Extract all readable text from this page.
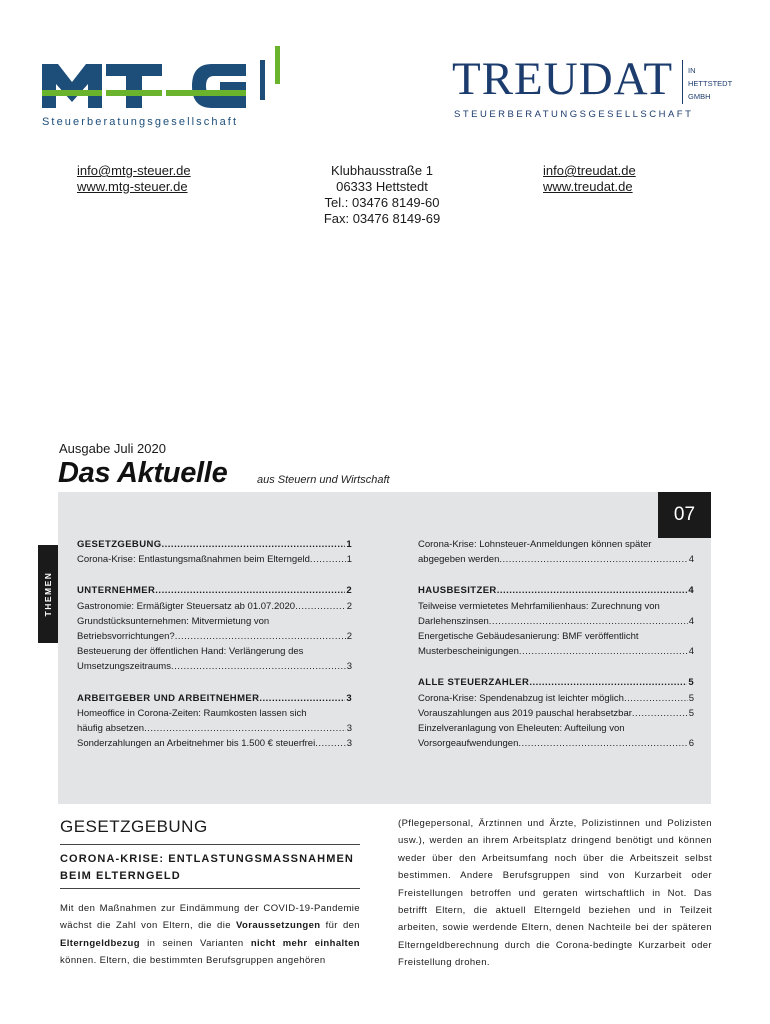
Steuerberatungsgesellschaft
TREUDAT IN
HETTSTEDT
GMBH
STEUERBERATUNGSGESELLSCHAFT
info@mtg-steuer.de
www.mtg-steuer.de
Klubhausstraße 1
06333 Hettstedt
Tel.: 03476 8149-60
Fax: 03476 8149-69
info@treudat.de
www.treudat.de
Ausgabe Juli 2020
Das Aktuelle	aus Steuern und Wirtschaft
07
THEMEN
GESETZGEBUNG .....	1
Corona-Krise: Entlastungsmaßnahmen beim Elterngeld .....	1
UNTERNEHMER .....	2
Gastronomie: Ermäßigter Steuersatz ab 01.07.2020 .....	2
Grundstücksunternehmen: Mitvermietung von
Betriebsvorrichtungen? .....	2
Besteuerung der öffentlichen Hand: Verlängerung des
Umsetzungszeitraums .....	3
ARBEITGEBER UND ARBEITNEHMER .....	3
Homeoffice in Corona-Zeiten: Raumkosten lassen sich
häufig absetzen .....	3
Sonderzahlungen an Arbeitnehmer bis 1.500 € steuerfrei .....	3
Corona-Krise: Lohnsteuer-Anmeldungen können später
abgegeben werden .....	4
HAUSBESITZER .....	4
Teilweise vermietetes Mehrfamilienhaus: Zurechnung von
Darlehenszinsen .....	4
Energetische Gebäudesanierung: BMF veröffentlicht
Musterbescheinigungen .....	4
ALLE STEUERZAHLER .....	5
Corona-Krise: Spendenabzug ist leichter möglich .....	5
Vorauszahlungen aus 2019 pauschal herabsetzbar .....	5
Einzelveranlagung von Eheleuten: Aufteilung von
Vorsorgeaufwendungen .....	6
GESETZGEBUNG
CORONA-KRISE: ENTLASTUNGSMASSNAHMEN
BEIM ELTERNGELD
Mit den Maßnahmen zur Eindämmung der COVID-19-Pandemie wächst die Zahl von Eltern, die die Voraussetzungen für den Elterngeldbezug in seinen Varianten nicht mehr einhalten können. Eltern, die bestimmten Berufsgruppen angehören
(Pflegepersonal, Ärztinnen und Ärzte, Polizistinnen und Polizisten usw.), werden an ihrem Arbeitsplatz dringend benötigt und können weder über den Arbeitsumfang noch über die Arbeitszeit selbst bestimmen. Andere Berufsgruppen sind von Kurzarbeit oder Freistellungen betroffen und geraten wirtschaftlich in Not. Das betrifft Eltern, die aktuell Elterngeld beziehen und in Teilzeit arbeiten, sowie werdende Eltern, denen Nachteile bei der späteren Elterngeldberechnung durch die Corona-bedingte Kurzarbeit oder Freistellung drohen.
